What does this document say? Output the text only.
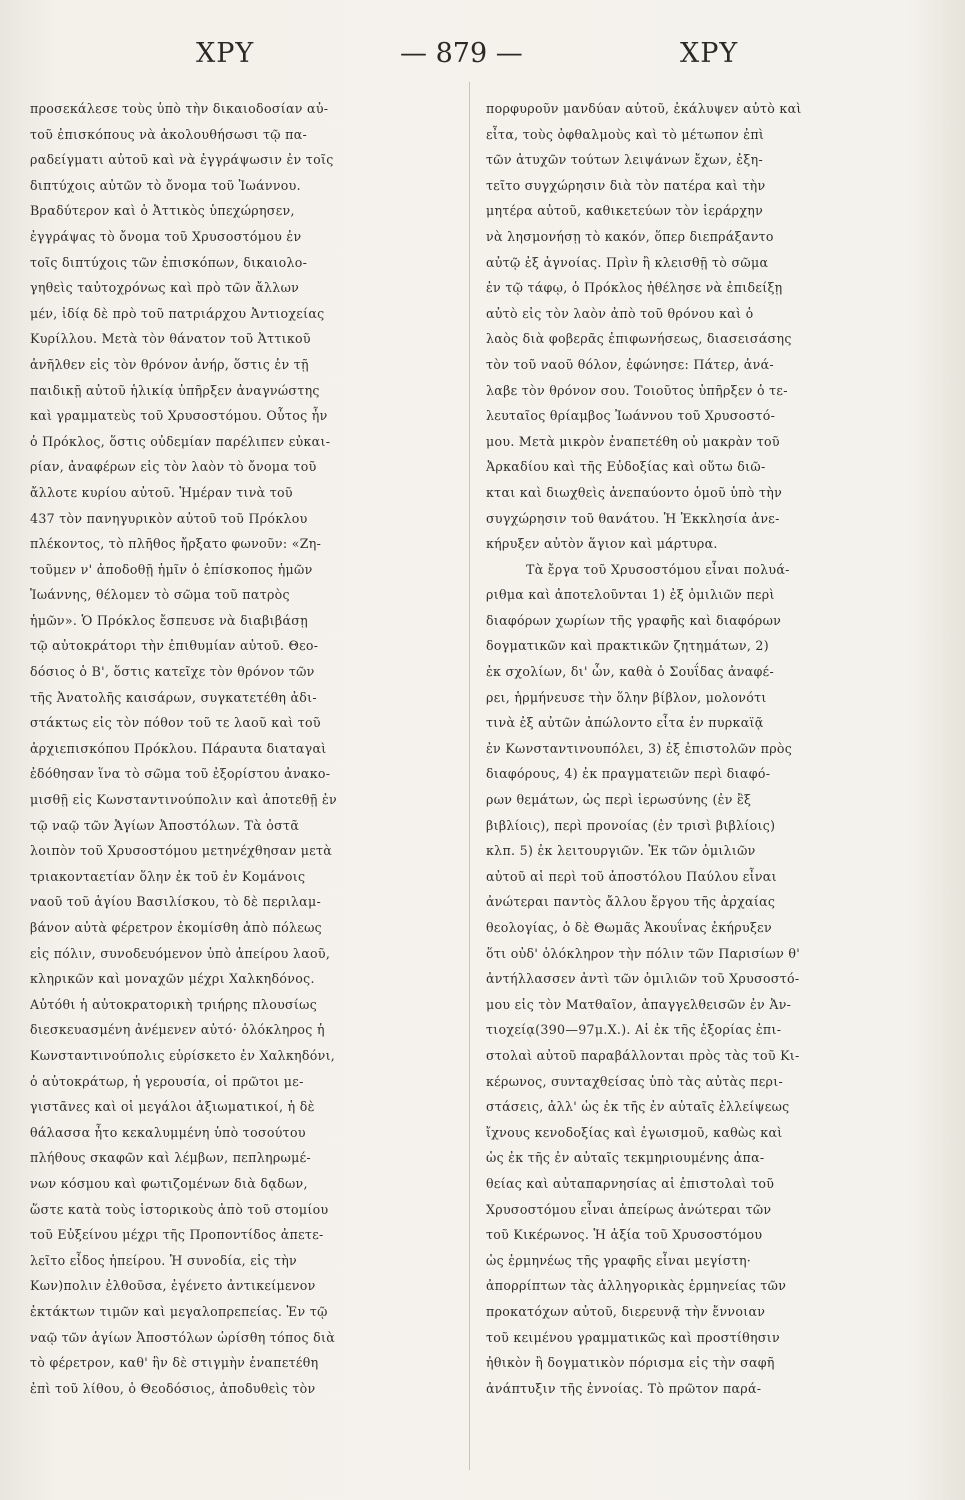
ΧΡΥ	— 879 —	ΧΡΥ
προσεκάλεσε τοὺς ὑπὸ τὴν δικαιοδοσίαν αὐ-
τοῦ ἐπισκόπους νὰ ἀκολουθήσωσι τῷ πα-
ραδείγματι αὐτοῦ καὶ νὰ ἐγγράψωσιν ἐν τοῖς
διπτύχοις αὐτῶν τὸ ὄνομα τοῦ Ἰωάννου.
Βραδύτερον καὶ ὁ Ἀττικὸς ὑπεχώρησεν,
ἐγγράψας τὸ ὄνομα τοῦ Χρυσοστόμου ἐν
τοῖς διπτύχοις τῶν ἐπισκόπων, δικαιολο-
γηθεὶς ταὐτοχρόνως καὶ πρὸ τῶν ἄλλων
μέν, ἰδίᾳ δὲ πρὸ τοῦ πατριάρχου Ἀντιοχείας
Κυρίλλου. Μετὰ τὸν θάνατον τοῦ Ἀττικοῦ
ἀνῆλθεν εἰς τὸν θρόνον ἀνήρ, ὅστις ἐν τῇ
παιδικῇ αὐτοῦ ἡλικίᾳ ὑπῆρξεν ἀναγνώστης
καὶ γραμματεὺς τοῦ Χρυσοστόμου. Οὗτος ἦν
ὁ Πρόκλος, ὅστις οὐδεμίαν παρέλιπεν εὐκαι-
ρίαν, ἀναφέρων εἰς τὸν λαὸν τὸ ὄνομα τοῦ
ἄλλοτε κυρίου αὐτοῦ. Ἡμέραν τινὰ τοῦ
437 τὸν πανηγυρικὸν αὐτοῦ τοῦ Πρόκλου
πλέκοντος, τὸ πλῆθος ἤρξατο φωνοῦν: «Ζη-
τοῦμεν ν' ἀποδοθῇ ἡμῖν ὁ ἐπίσκοπος ἡμῶν
Ἰωάννης, θέλομεν τὸ σῶμα τοῦ πατρὸς
ἡμῶν». Ὁ Πρόκλος ἔσπευσε νὰ διαβιβάσῃ
τῷ αὐτοκράτορι τὴν ἐπιθυμίαν αὐτοῦ. Θεο-
δόσιος ὁ Β', ὅστις κατεῖχε τὸν θρόνον τῶν
τῆς Ἀνατολῆς καισάρων, συγκατετέθη ἀδι-
στάκτως εἰς τὸν πόθον τοῦ τε λαοῦ καὶ τοῦ
ἀρχιεπισκόπου Πρόκλου. Πάραυτα διαταγαὶ
ἐδόθησαν ἵνα τὸ σῶμα τοῦ ἐξορίστου ἀνακο-
μισθῇ εἰς Κωνσταντινούπολιν καὶ ἀποτεθῇ ἐν
τῷ ναῷ τῶν Ἁγίων Ἀποστόλων. Τὰ ὀστᾶ
λοιπὸν τοῦ Χρυσοστόμου μετηνέχθησαν μετὰ
τριακονταετίαν ὅλην ἐκ τοῦ ἐν Κομάνοις
ναοῦ τοῦ ἁγίου Βασιλίσκου, τὸ δὲ περιλαμ-
βάνον αὐτὰ φέρετρον ἐκομίσθη ἀπὸ πόλεως
εἰς πόλιν, συνοδευόμενον ὑπὸ ἀπείρου λαοῦ,
κληρικῶν καὶ μοναχῶν μέχρι Χαλκηδόνος.
Αὐτόθι ἡ αὐτοκρατορικὴ τριήρης πλουσίως
διεσκευασμένη ἀνέμενεν αὐτό· ὁλόκληρος ἡ
Κωνσταντινούπολις εὑρίσκετο ἐν Χαλκηδόνι,
ὁ αὐτοκράτωρ, ἡ γερουσία, οἱ πρῶτοι με-
γιστᾶνες καὶ οἱ μεγάλοι ἀξιωματικοί, ἡ δὲ
θάλασσα ἦτο κεκαλυμμένη ὑπὸ τοσούτου
πλήθους σκαφῶν καὶ λέμβων, πεπληρωμέ-
νων κόσμου καὶ φωτιζομένων διὰ δᾳδων,
ὥστε κατὰ τοὺς ἱστορικοὺς ἀπὸ τοῦ στομίου
τοῦ Εὐξείνου μέχρι τῆς Προποντίδος ἀπετε-
λεῖτο εἶδος ἠπείρου. Ἡ συνοδία, εἰς τὴν
Κων)πολιν ἐλθοῦσα, ἐγένετο ἀντικείμενον
ἐκτάκτων τιμῶν καὶ μεγαλοπρεπείας. Ἐν τῷ
ναῷ τῶν ἁγίων Ἀποστόλων ὡρίσθη τόπος διὰ
τὸ φέρετρον, καθ' ἣν δὲ στιγμὴν ἐναπετέθη
ἐπὶ τοῦ λίθου, ὁ Θεοδόσιος, ἀποδυθεὶς τὸν
πορφυροῦν μανδύαν αὐτοῦ, ἐκάλυψεν αὐτὸ καὶ
εἶτα, τοὺς ὀφθαλμοὺς καὶ τὸ μέτωπον ἐπὶ
τῶν ἀτυχῶν τούτων λειψάνων ἔχων, ἐξη-
τεῖτο συγχώρησιν διὰ τὸν πατέρα καὶ τὴν
μητέρα αὐτοῦ, καθικετεύων τὸν ἱεράρχην
νὰ λησμονήσῃ τὸ κακόν, ὅπερ διεπράξαντο
αὐτῷ ἐξ ἀγνοίας. Πρὶν ἢ κλεισθῇ τὸ σῶμα
ἐν τῷ τάφῳ, ὁ Πρόκλος ἠθέλησε νὰ ἐπιδείξῃ
αὐτὸ εἰς τὸν λαὸν ἀπὸ τοῦ θρόνου καὶ ὁ
λαὸς διὰ φοβερᾶς ἐπιφωνήσεως, διασεισάσης
τὸν τοῦ ναοῦ θόλον, ἐφώνησε: Πάτερ, ἀνά-
λαβε τὸν θρόνον σου. Τοιοῦτος ὑπῆρξεν ὁ τε-
λευταῖος θρίαμβος Ἰωάννου τοῦ Χρυσοστό-
μου. Μετὰ μικρὸν ἐναπετέθη οὐ μακρὰν τοῦ
Ἀρκαδίου καὶ τῆς Εὐδοξίας καὶ οὕτω διῶ-
κται καὶ διωχθεὶς ἀνεπαύοντο ὁμοῦ ὑπὸ τὴν
συγχώρησιν τοῦ θανάτου. Ἡ Ἐκκλησία ἀνε-
κήρυξεν αὐτὸν ἅγιον καὶ μάρτυρα.
Τὰ ἔργα τοῦ Χρυσοστόμου εἶναι πολυά-
ριθμα καὶ ἀποτελοῦνται 1) ἐξ ὁμιλιῶν περὶ
διαφόρων χωρίων τῆς γραφῆς καὶ διαφόρων
δογματικῶν καὶ πρακτικῶν ζητημάτων, 2)
ἐκ σχολίων, δι' ὧν, καθὰ ὁ Σουΐδας ἀναφέ-
ρει, ἡρμήνευσε τὴν ὅλην βίβλον, μολονότι
τινὰ ἐξ αὐτῶν ἀπώλοντο εἶτα ἐν πυρκαϊᾷ
ἐν Κωνσταντινουπόλει, 3) ἐξ ἐπιστολῶν πρὸς
διαφόρους, 4) ἐκ πραγματειῶν περὶ διαφό-
ρων θεμάτων, ὡς περὶ ἱερωσύνης (ἐν ἒξ
βιβλίοις), περὶ προνοίας (ἐν τρισὶ βιβλίοις)
κλπ. 5) ἐκ λειτουργιῶν. Ἐκ τῶν ὁμιλιῶν
αὐτοῦ αἱ περὶ τοῦ ἀποστόλου Παύλου εἶναι
ἀνώτεραι παντὸς ἄλλου ἔργου τῆς ἀρχαίας
θεολογίας, ὁ δὲ Θωμᾶς Ἀκουΐνας ἐκήρυξεν
ὅτι οὐδ' ὁλόκληρον τὴν πόλιν τῶν Παρισίων θ'
ἀντήλλασσεν ἀντὶ τῶν ὁμιλιῶν τοῦ Χρυσοστό-
μου εἰς τὸν Ματθαῖον, ἀπαγγελθεισῶν ἐν Ἀν-
τιοχείᾳ(390—97μ.Χ.). Αἱ ἐκ τῆς ἐξορίας ἐπι-
στολαὶ αὐτοῦ παραβάλλονται πρὸς τὰς τοῦ Κι-
κέρωνος, συνταχθείσας ὑπὸ τὰς αὐτὰς περι-
στάσεις, ἀλλ' ὡς ἐκ τῆς ἐν αὐταῖς ἐλλείψεως
ἴχνους κενοδοξίας καὶ ἐγωισμοῦ, καθὼς καὶ
ὡς ἐκ τῆς ἐν αὐταῖς τεκμηριουμένης ἀπα-
θείας καὶ αὐταπαρνησίας αἱ ἐπιστολαὶ τοῦ
Χρυσοστόμου εἶναι ἀπείρως ἀνώτεραι τῶν
τοῦ Κικέρωνος. Ἡ ἀξία τοῦ Χρυσοστόμου
ὡς ἑρμηνέως τῆς γραφῆς εἶναι μεγίστη·
ἀπορρίπτων τὰς ἀλληγορικὰς ἑρμηνείας τῶν
προκατόχων αὐτοῦ, διερευνᾷ τὴν ἔννοιαν
τοῦ κειμένου γραμματικῶς καὶ προστίθησιν
ἠθικὸν ἢ δογματικὸν πόρισμα εἰς τὴν σαφῆ
ἀνάπτυξιν τῆς ἐννοίας. Τὸ πρῶτον παρά-
